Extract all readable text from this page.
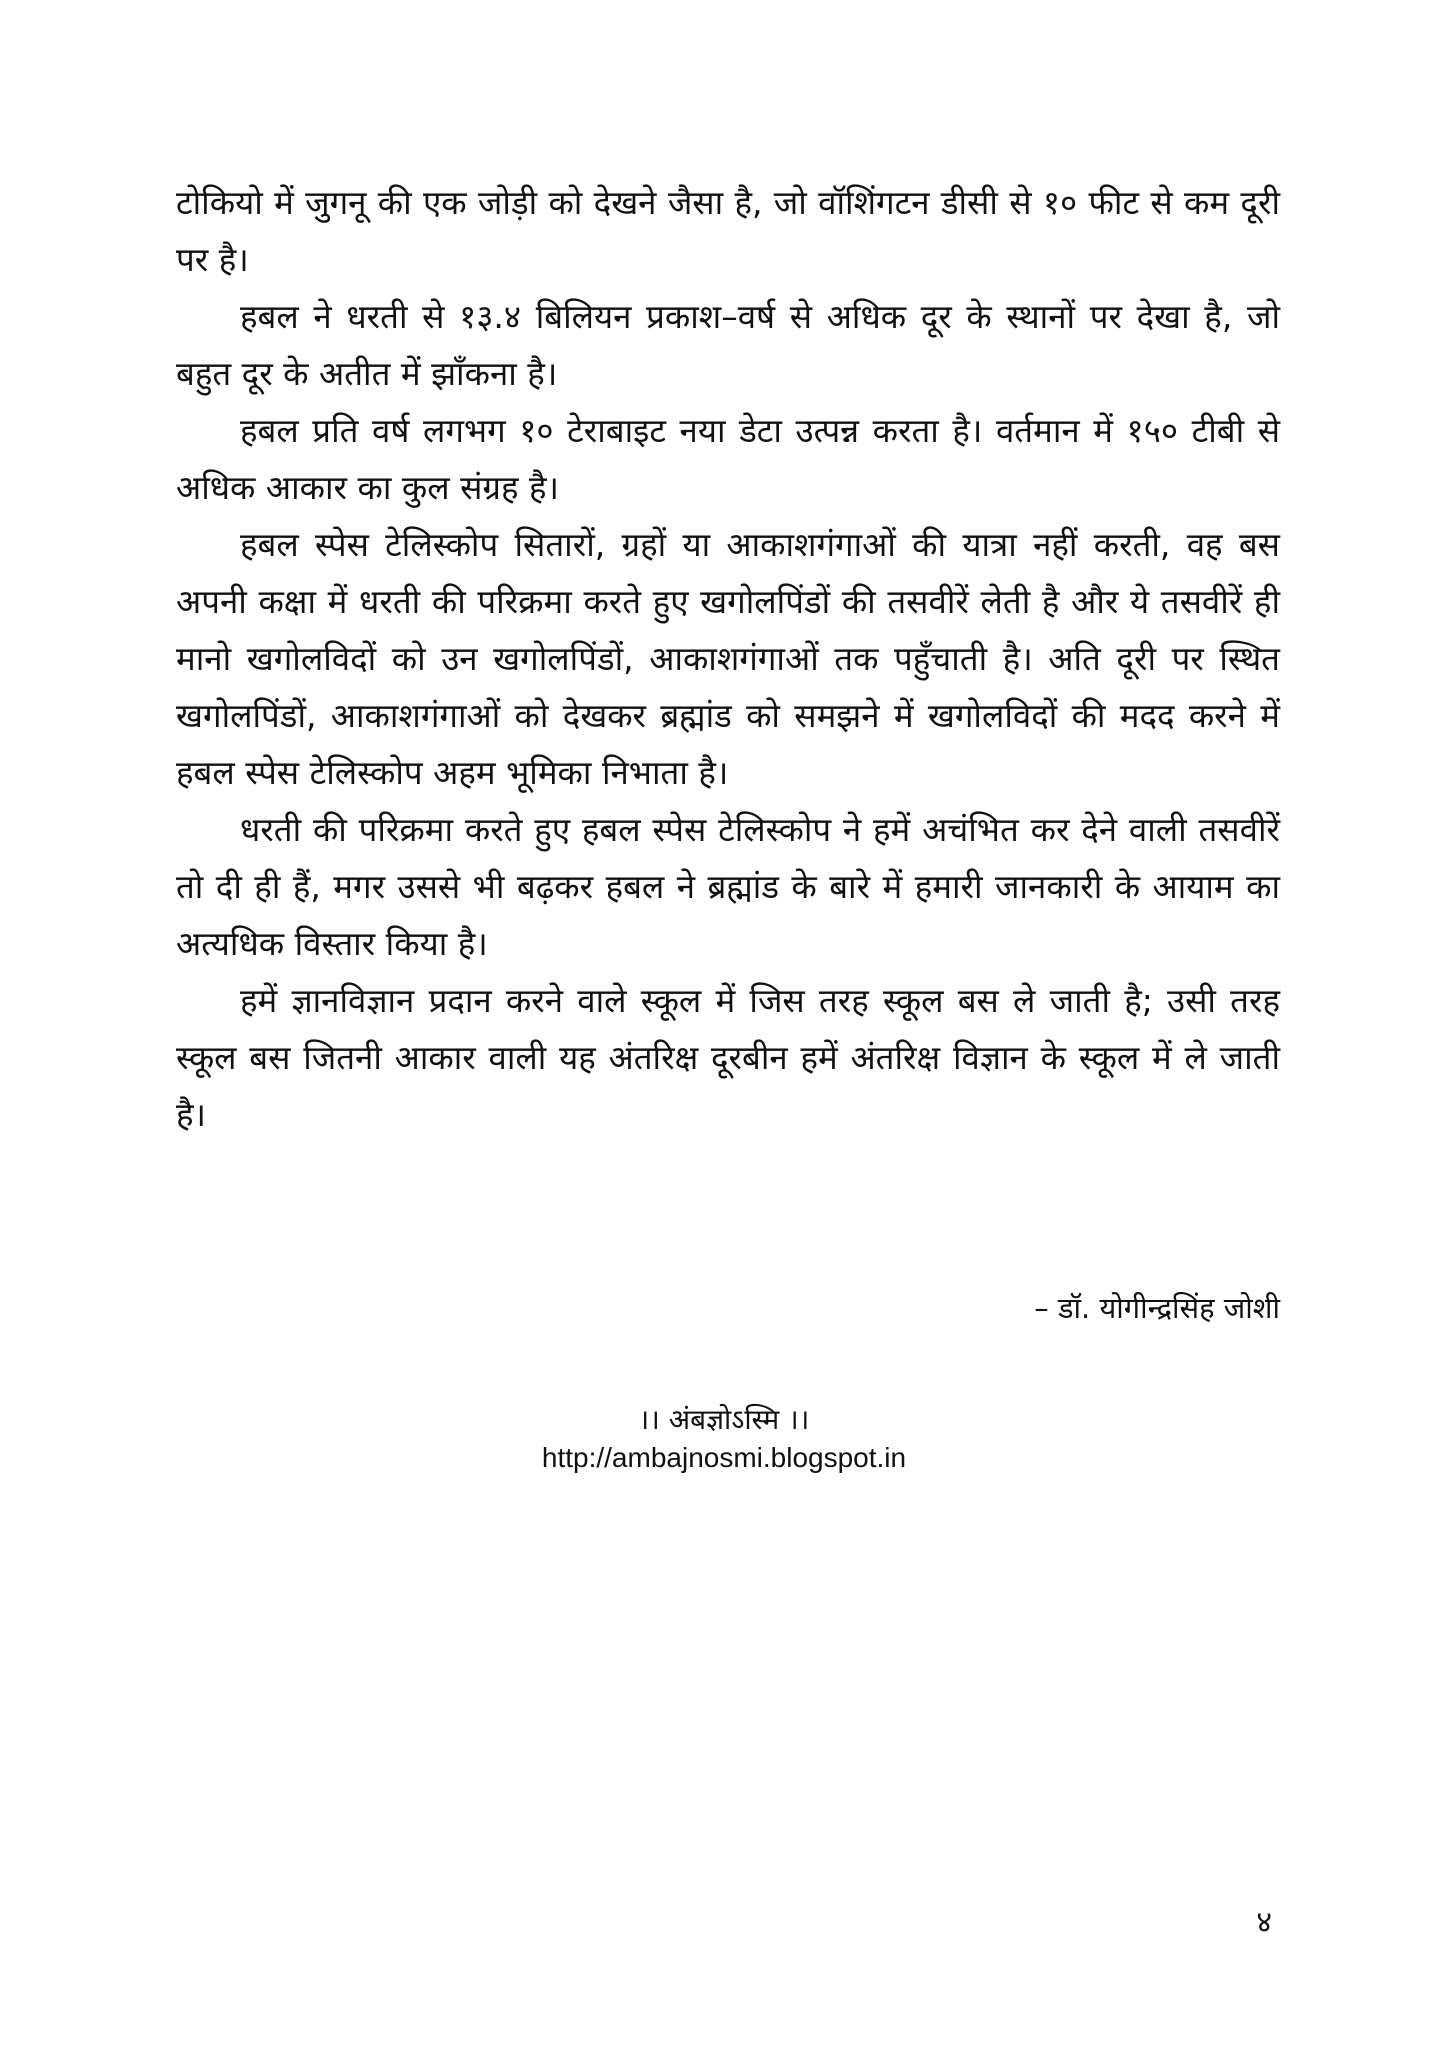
टोकियो में जुगनू की एक जोड़ी को देखने जैसा है, जो वॉशिंगटन डीसी से १० फीट से कम दूरी पर है।

हबल ने धरती से १३.४ बिलियन प्रकाश–वर्ष से अधिक दूर के स्थानों पर देखा है, जो बहुत दूर के अतीत में झाँकना है।

हबल प्रति वर्ष लगभग १० टेराबाइट नया डेटा उत्पन्न करता है। वर्तमान में १५० टीबी से अधिक आकार का कुल संग्रह है।

हबल स्पेस टेलिस्कोप सितारों, ग्रहों या आकाशगंगाओं की यात्रा नहीं करती, वह बस अपनी कक्षा में धरती की परिक्रमा करते हुए खगोलपिंडों की तसवीरें लेती है और ये तसवीरें ही मानो खगोलविदों को उन खगोलपिंडों, आकाशगंगाओं तक पहुँचाती है। अति दूरी पर स्थित खगोलपिंडों, आकाशगंगाओं को देखकर ब्रह्मांड को समझने में खगोलविदों की मदद करने में हबल स्पेस टेलिस्कोप अहम भूमिका निभाता है।

धरती की परिक्रमा करते हुए हबल स्पेस टेलिस्कोप ने हमें अचंभित कर देने वाली तसवीरें तो दी ही हैं, मगर उससे भी बढ़कर हबल ने ब्रह्मांड के बारे में हमारी जानकारी के आयाम का अत्यधिक विस्तार किया है।

हमें ज्ञानविज्ञान प्रदान करने वाले स्कूल में जिस तरह स्कूल बस ले जाती है; उसी तरह स्कूल बस जितनी आकार वाली यह अंतरिक्ष दूरबीन हमें अंतरिक्ष विज्ञान के स्कूल में ले जाती है।

– डॉ. योगीन्द्रसिंह जोशी
।। अंबज्ञोऽस्मि ।।
http://ambajnosmi.blogspot.in
४
